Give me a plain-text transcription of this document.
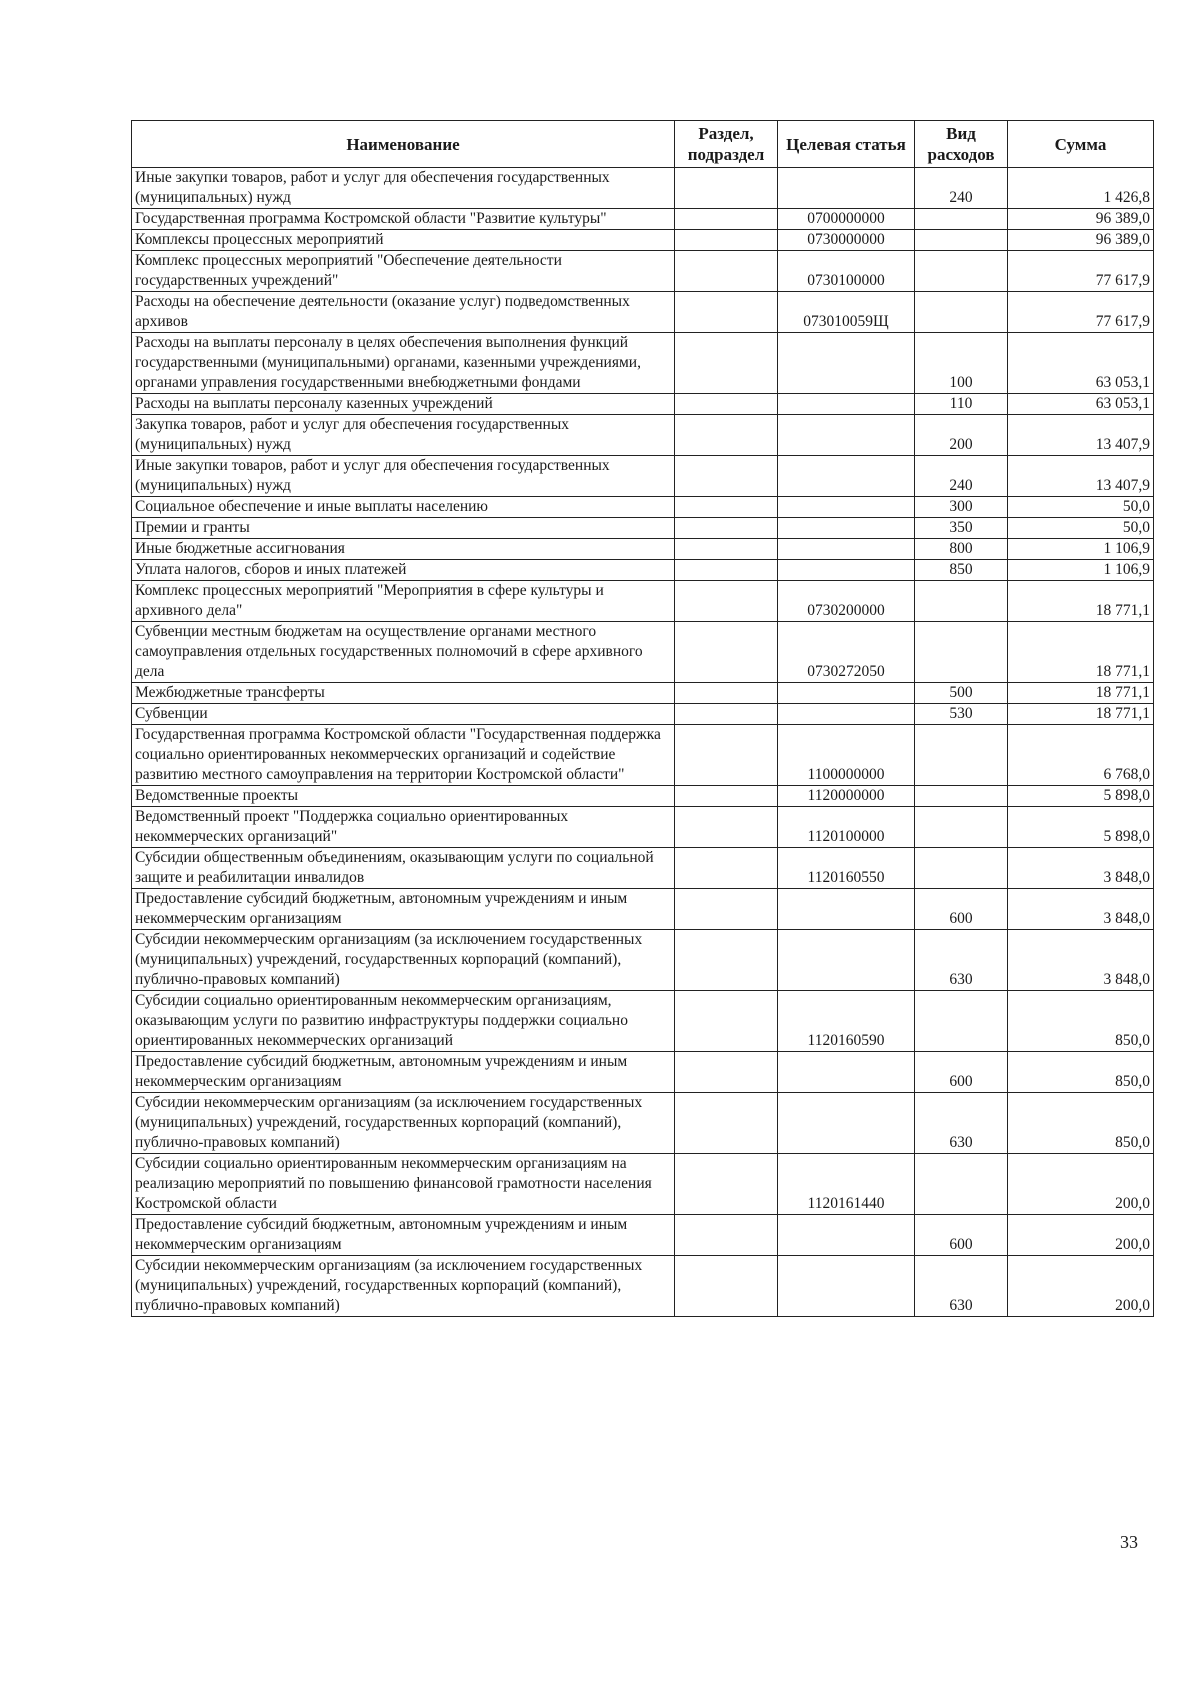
Наименование	Раздел, подраздел	Целевая статья	Вид расходов	Сумма
Иные закупки товаров, работ и услуг для обеспечения государственных (муниципальных) нужд			240	1 426,8
Государственная программа Костромской области "Развитие культуры"		0700000000		96 389,0
Комплексы процессных мероприятий		0730000000		96 389,0
Комплекс процессных мероприятий "Обеспечение деятельности государственных учреждений"		0730100000		77 617,9
Расходы на обеспечение деятельности (оказание услуг) подведомственных архивов		073010059Щ		77 617,9
Расходы на выплаты персоналу в целях обеспечения выполнения функций государственными (муниципальными) органами, казенными учреждениями, органами управления государственными внебюджетными фондами			100	63 053,1
Расходы на выплаты персоналу казенных учреждений			110	63 053,1
Закупка товаров, работ и услуг для обеспечения государственных (муниципальных) нужд			200	13 407,9
Иные закупки товаров, работ и услуг для обеспечения государственных (муниципальных) нужд			240	13 407,9
Социальное обеспечение и иные выплаты населению			300	50,0
Премии и гранты			350	50,0
Иные бюджетные ассигнования			800	1 106,9
Уплата налогов, сборов и иных платежей			850	1 106,9
Комплекс процессных мероприятий "Мероприятия в сфере культуры и архивного дела"		0730200000		18 771,1
Субвенции местным бюджетам на осуществление органами местного самоуправления отдельных государственных полномочий в сфере архивного дела		0730272050		18 771,1
Межбюджетные трансферты			500	18 771,1
Субвенции			530	18 771,1
Государственная программа Костромской области "Государственная поддержка социально ориентированных некоммерческих организаций и содействие развитию местного самоуправления на территории Костромской области"		1100000000		6 768,0
Ведомственные проекты		1120000000		5 898,0
Ведомственный проект "Поддержка социально ориентированных некоммерческих организаций"		1120100000		5 898,0
Субсидии общественным объединениям, оказывающим услуги по социальной защите и реабилитации инвалидов		1120160550		3 848,0
Предоставление субсидий бюджетным, автономным учреждениям и иным некоммерческим организациям			600	3 848,0
Субсидии некоммерческим организациям (за исключением государственных (муниципальных) учреждений, государственных корпораций (компаний), публично-правовых компаний)			630	3 848,0
Субсидии социально ориентированным некоммерческим организациям, оказывающим услуги по развитию инфраструктуры поддержки социально ориентированных некоммерческих организаций		1120160590		850,0
Предоставление субсидий бюджетным, автономным учреждениям и иным некоммерческим организациям			600	850,0
Субсидии некоммерческим организациям (за исключением государственных (муниципальных) учреждений, государственных корпораций (компаний), публично-правовых компаний)			630	850,0
Субсидии социально ориентированным некоммерческим организациям на реализацию мероприятий по повышению финансовой грамотности населения Костромской области		1120161440		200,0
Предоставление субсидий бюджетным, автономным учреждениям и иным некоммерческим организациям			600	200,0
Субсидии некоммерческим организациям (за исключением государственных (муниципальных) учреждений, государственных корпораций (компаний), публично-правовых компаний)			630	200,0
33
